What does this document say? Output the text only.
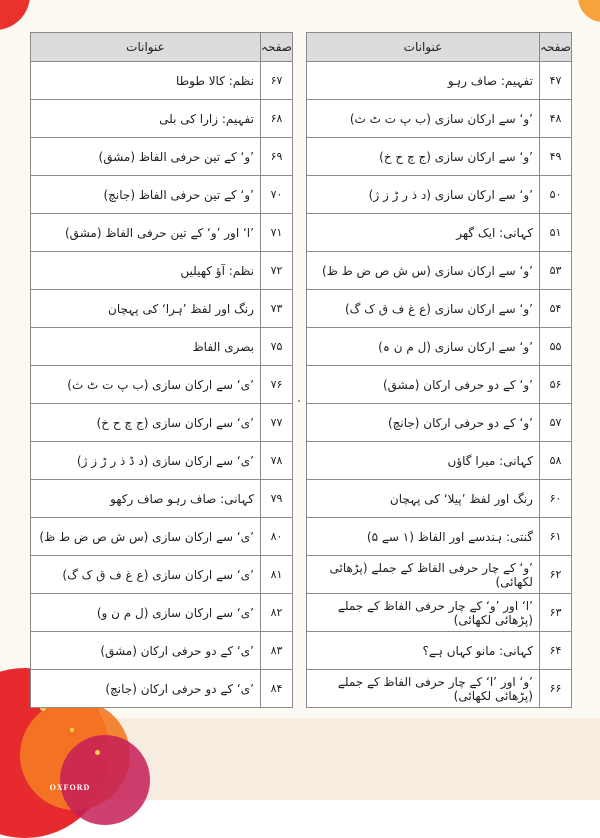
OXFORD
عنوانات	صفحہ
نظم: کالا طوطا	۶۷
تفہیم: زارا کی بلی	۶۸
’و‘ کے تین حرفی الفاظ (مشق)	۶۹
’و‘ کے تین حرفی الفاظ (جانچ)	۷۰
’ا‘ اور ’و‘ کے تین حرفی الفاظ (مشق)	۷۱
نظم: آؤ کھیلیں	۷۲
رنگ اور لفظ ’ہرا‘ کی پہچان	۷۳
بصری الفاظ	۷۵
’ی‘ سے ارکان سازی (ب پ ت ٹ ث)	۷۶
’ی‘ سے ارکان سازی (ج چ ح خ)	۷۷
’ی‘ سے ارکان سازی (د ڈ ذ ر ڑ ز ژ)	۷۸
کہانی: صاف رہو صاف رکھو	۷۹
’ی‘ سے ارکان سازی (س ش ص ض ط ظ)	۸۰
’ی‘ سے ارکان سازی (ع غ ف ق ک گ)	۸۱
’ی‘ سے ارکان سازی (ل م ن و)	۸۲
’ی‘ کے دو حرفی ارکان (مشق)	۸۳
’ی‘ کے دو حرفی ارکان (جانچ)	۸۴
عنوانات	صفحہ
تفہیم: صاف رہو	۴۷
’و‘ سے ارکان سازی (ب پ ت ٹ ث)	۴۸
’و‘ سے ارکان سازی (ج چ ح خ)	۴۹
’و‘ سے ارکان سازی (د ذ ر ڑ ز ژ)	۵۰
کہانی: ایک گھر	۵۱
’و‘ سے ارکان سازی (س ش ص ض ط ظ)	۵۳
’و‘ سے ارکان سازی (ع غ ف ق ک گ)	۵۴
’و‘ سے ارکان سازی (ل م ن ہ)	۵۵
’و‘ کے دو حرفی ارکان (مشق)	۵۶
’و‘ کے دو حرفی ارکان (جانچ)	۵۷
کہانی: میرا گاؤں	۵۸
رنگ اور لفظ ’پیلا‘ کی پہچان	۶۰
گنتی: ہندسے اور الفاظ (۱ سے ۵)	۶۱
’و‘ کے چار حرفی الفاظ کے جملے (پڑھائی لکھائی)	۶۲
’ا‘ اور ’و‘ کے چار حرفی الفاظ کے جملے (پڑھائی لکھائی)	۶۳
کہانی: مانو کہاں ہے؟	۶۴
’و‘ اور ’ا‘ کے چار حرفی الفاظ کے جملے (پڑھائی لکھائی)	۶۶
